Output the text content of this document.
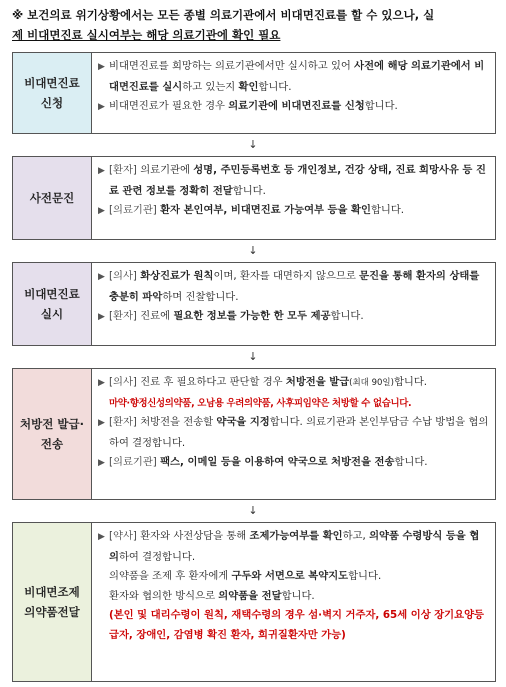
※ 보건의료 위기상황에서는 모든 종별 의료기관에서 비대면진료를 할 수 있으나, 실
제 비대면진료 실시여부는 해당 의료기관에 확인 필요
비대면진료
신청
▶ 비대면진료를 희망하는 의료기관에서만 실시하고 있어 사전에 해당 의료기관에서 비대면진료를 실시하고 있는지 확인합니다.
▶ 비대면진료가 필요한 경우 의료기관에 비대면진료를 신청합니다.
↓
사전문진
▶ [환자] 의료기관에 성명, 주민등록번호 등 개인정보, 건강 상태, 진료 희망사유 등 진료 관련 정보를 정확히 전달합니다.
▶ [의료기관] 환자 본인여부, 비대면진료 가능여부 등을 확인합니다.
↓
비대면진료
실시
▶ [의사] 화상진료가 원칙이며, 환자를 대면하지 않으므로 문진을 통해 환자의 상태를 충분히 파악하며 진찰합니다.
▶ [환자] 진료에 필요한 정보를 가능한 한 모두 제공합니다.
↓
처방전 발급·
전송
▶ [의사] 진료 후 필요하다고 판단할 경우 처방전을 발급(최대 90일)합니다.
마약·향정신성의약품, 오남용 우려의약품, 사후피임약은 처방할 수 없습니다.
▶ [환자] 처방전을 전송할 약국을 지정합니다. 의료기관과 본인부담금 수납 방법을 협의하여 결정합니다.
▶ [의료기관] 팩스, 이메일 등을 이용하여 약국으로 처방전을 전송합니다.
↓
비대면조제
의약품전달
▶ [약사] 환자와 사전상담을 통해 조제가능여부를 확인하고, 의약품 수령방식 등을 협의하여 결정합니다.
의약품을 조제 후 환자에게 구두와 서면으로 복약지도합니다.
환자와 협의한 방식으로 의약품을 전달합니다.
(본인 및 대리수령이 원칙, 재택수령의 경우 섬·벽지 거주자, 65세 이상 장기요양등급자, 장애인, 감염병 확진 환자, 희귀질환자만 가능)
